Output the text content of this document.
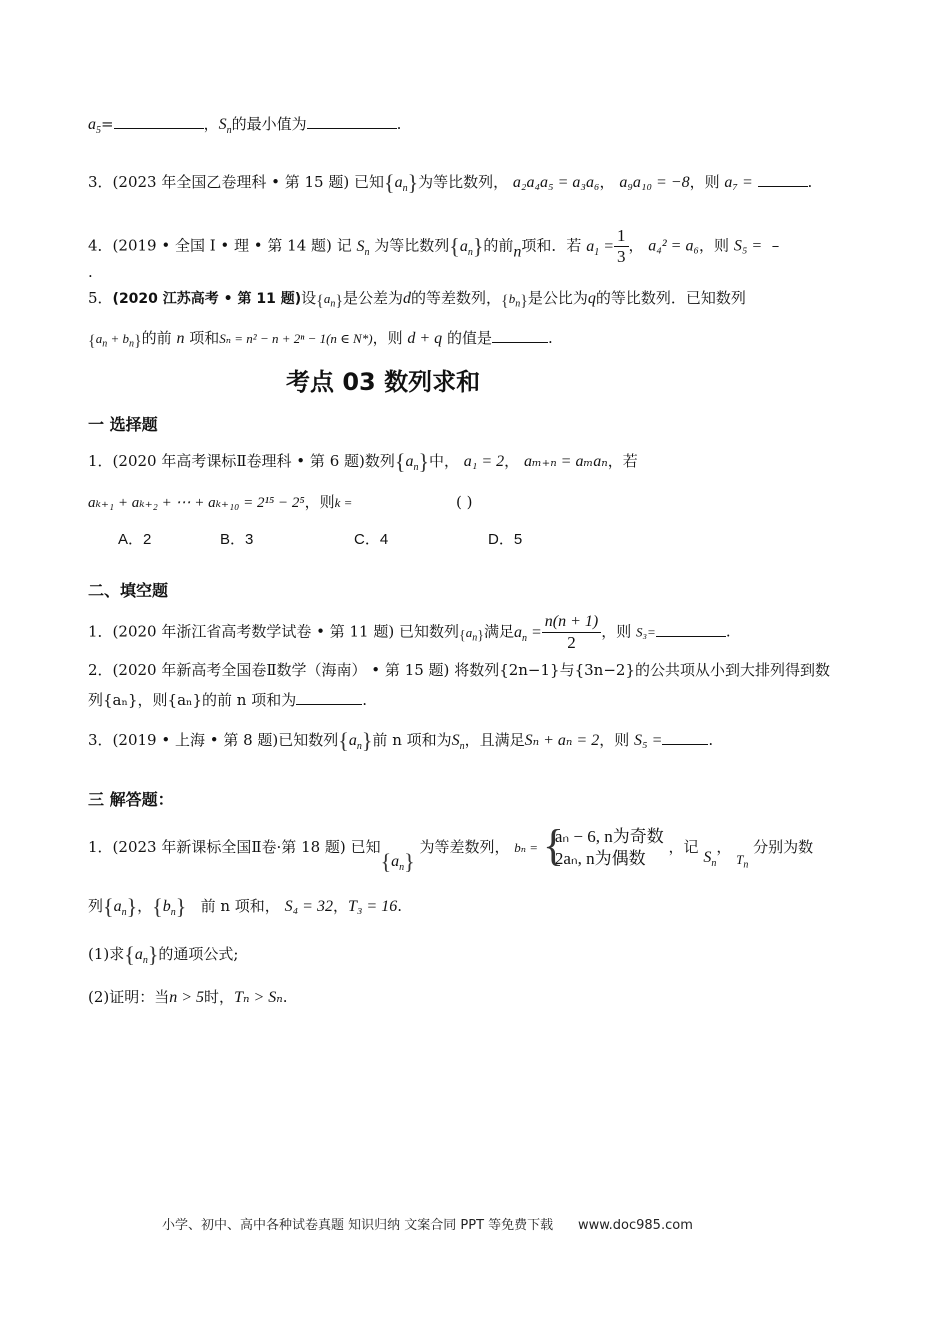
$a_5=$	，$S_n$的最小值为	.
3．(2023 年全国乙卷理科 • 第 15 题) 已知$\{a_n\}$为等比数列， a₂a₄a₅ = a₃a₆， a₉a₁₀ = −8，则 a₇ =	.
4．(2019 • 全国 Ⅰ • 理 • 第 14 题) 记 $S_n$ 为等比数列$\{a_n\}$的前n项和．若 $a_1 = \frac{1}{3}$ ， a₄² = a₆，则 S₅ = –
.
5．(2020 江苏高考 • 第 11 题)设$\{a_n\}$是公差为d的等差数列，$\{b_n\}$是公比为q的等比数列．已知数列
$\{a_n + b_n\}$的前 n 项和Sₙ = n² − n + 2ⁿ − 1(n ∈ N*)，则 d + q 的值是	.
考点 03 数列求和
一 选择题
1．(2020 年高考课标Ⅱ卷理科 • 第 6 题)数列$\{a_n\}$中， a₁ = 2， aₘ₊ₙ = aₘaₙ，若
aₖ₊₁ + aₖ₊₂ + ⋯ + aₖ₊₁₀ = 2¹⁵ − 2⁵，则k =	( )
A．2	B．3	C．4	D．5
二、填空题
1．(2020 年浙江省高考数学试卷 • 第 11 题) 已知数列$\{a_n\}$满足$a_n = \frac{n(n + 1)}{2}$ ，则 S₃=	.
2．(2020 年新高考全国卷Ⅱ数学（海南） • 第 15 题) 将数列{2n−1}与{3n−2}的公共项从小到大排列得到数
列{aₙ}，则{aₙ}的前 n 项和为	.
3．(2019 • 上海 • 第 8 题)已知数列$\{a_n\}$前 n 项和为$S_n$，且满足Sₙ + aₙ = 2，则 S₅ =	.
三 解答题：
1．(2023 年新课标全国Ⅱ卷·第 18 题) 已知$\{a_n\}$ 为等差数列， bₙ = {
aₙ − 6, n为奇数
2aₙ, n为偶数
，记 $S_n$， $T_n$ 分别为数
列$\{a_n\}$，$\{b_n\}$ 前 n 项和， S₄ = 32，T₃ = 16.
(1)求$\{a_n\}$的通项公式;
(2)证明：当n > 5时，Tₙ > Sₙ.
小学、初中、高中各种试卷真题 知识归纳 文案合同 PPT 等免费下载 www.doc985.com
